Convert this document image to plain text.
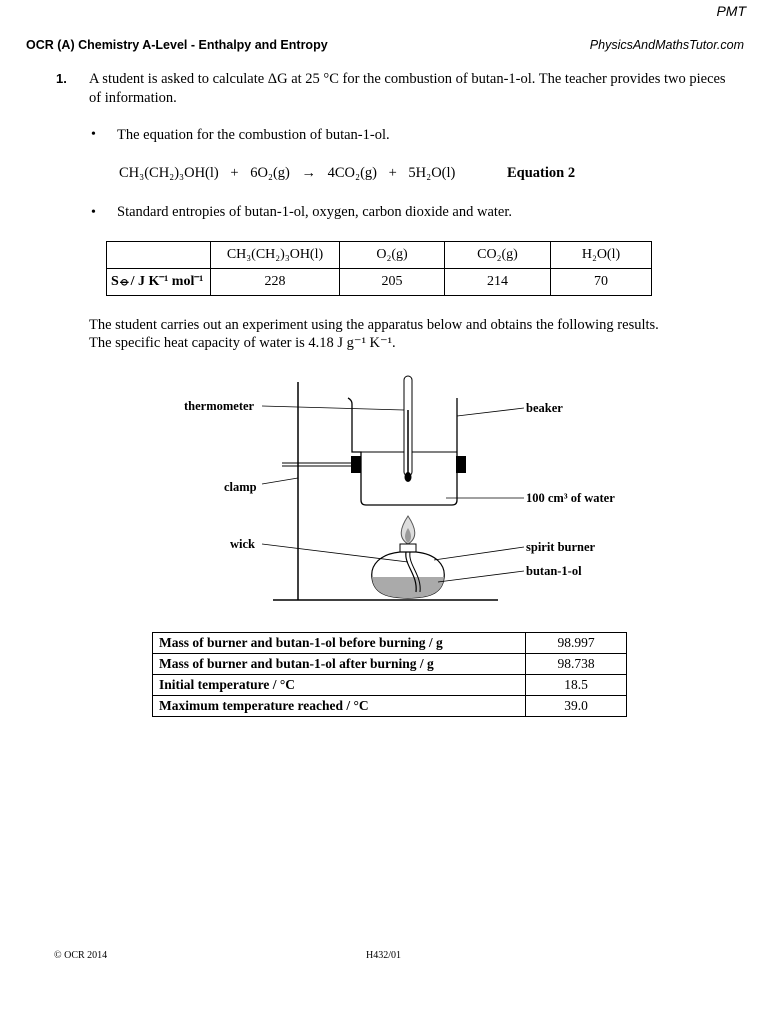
PMT
OCR (A) Chemistry A-Level - Enthalpy and Entropy	PhysicsAndMathsTutor.com
1. A student is asked to calculate ΔG at 25 °C for the combustion of butan-1-ol. The teacher provides two pieces of information.
• The equation for the combustion of butan-1-ol.
CH₃(CH₂)₃OH(l) + 6O₂(g) → 4CO₂(g) + 5H₂O(l)	Equation 2
• Standard entropies of butan-1-ol, oxygen, carbon dioxide and water.
	CH₃(CH₂)₃OH(l)	O₂(g)	CO₂(g)	H₂O(l)
S⦵/ J K⁻¹ mol⁻¹	228	205	214	70
The student carries out an experiment using the apparatus below and obtains the following results.
The specific heat capacity of water is 4.18 J g⁻¹ K⁻¹.
thermometer	beaker
clamp
100 cm³ of water
wick	spirit burner
butan-1-ol
Mass of burner and butan-1-ol before burning / g	98.997
Mass of burner and butan-1-ol after burning / g	98.738
Initial temperature / °C	18.5
Maximum temperature reached / °C	39.0
© OCR 2014	H432/01
